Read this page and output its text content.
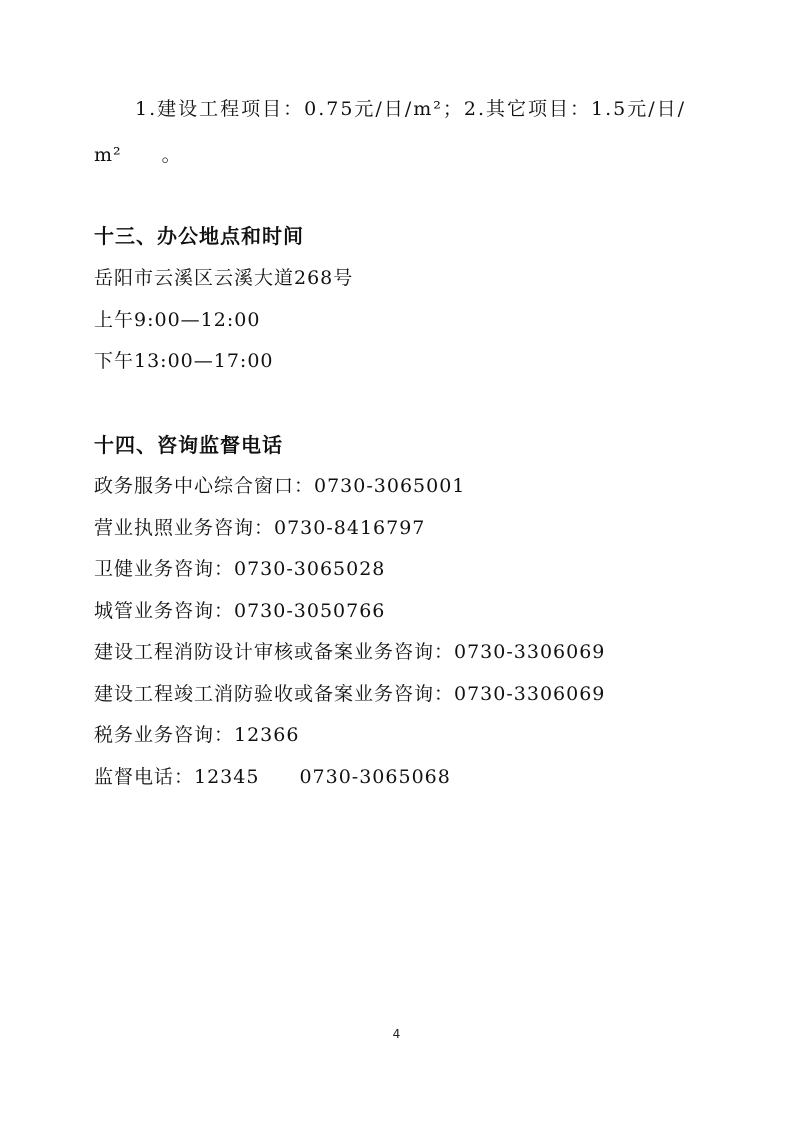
1.建设工程项目：0.75元/日/m²；2.其它项目：1.5元/日/
m²　　。
十三、办公地点和时间
岳阳市云溪区云溪大道268号
上午9:00—12:00
下午13:00—17:00
十四、咨询监督电话
政务服务中心综合窗口：0730-3065001
营业执照业务咨询：0730-8416797
卫健业务咨询：0730-3065028
城管业务咨询：0730-3050766
建设工程消防设计审核或备案业务咨询：0730-3306069
建设工程竣工消防验收或备案业务咨询：0730-3306069
税务业务咨询：12366
监督电话：12345　　0730-3065068
4
